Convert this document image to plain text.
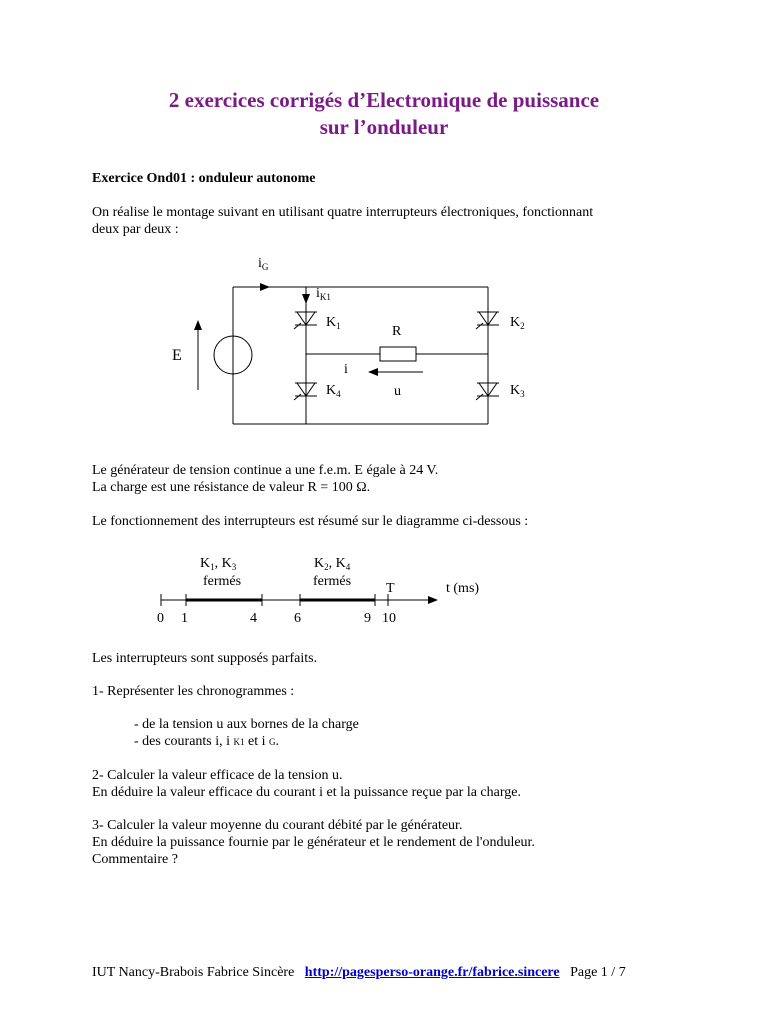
2 exercices corrigés d’Electronique de puissance
sur l’onduleur
Exercice Ond01 : onduleur autonome
On réalise le montage suivant en utilisant quatre interrupteurs électroniques, fonctionnant
deux par deux :
$i_G$
$i_{K1}$
E
$K_1$	$K_2$
$K_4$	$K_3$
R
i
u
Le générateur de tension continue a une f.e.m. E égale à 24 V.
La charge est une résistance de valeur R = 100 Ω.
Le fonctionnement des interrupteurs est résumé sur le diagramme ci-dessous :
$K_1$, $K_3$
fermés
$K_2$, $K_4$
fermés T	t (ms)
0 1	4	6	9 10
Les interrupteurs sont supposés parfaits.
1- Représenter les chronogrammes :
- de la tension u aux bornes de la charge
- des courants i, i K1 et i G.
2- Calculer la valeur efficace de la tension u.
En déduire la valeur efficace du courant i et la puissance reçue par la charge.
3- Calculer la valeur moyenne du courant débité par le générateur.
En déduire la puissance fournie par le générateur et le rendement de l'onduleur.
Commentaire ?
IUT Nancy-Brabois Fabrice Sincère http://pagesperso-orange.fr/fabrice.sincere Page 1 / 7
